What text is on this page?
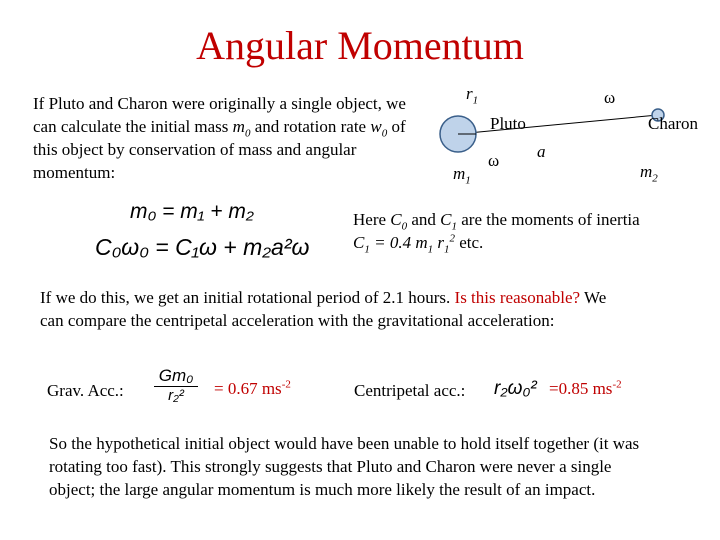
Angular Momentum
If Pluto and Charon were originally a single object, we can calculate the initial mass $m_0$ and rotation rate $w_0$ of this object by conservation of mass and angular momentum:
m₀ = m₁ + m₂
C₀ω₀ = C₁ω + m₂a²ω
$r_1$
Pluto
ω
ω
Charon
a
$m_1$	$m_2$
Here $C_0$ and $C_1$ are the moments of inertia
$C_1 = 0.4$ $m_1$ $r_1^2$ etc.
If we do this, we get an initial rotational period of 2.1 hours. Is this reasonable? We can compare the centripetal acceleration with the gravitational acceleration:
Grav. Acc.: $\frac{\text{Gm₀}}{\text{r₂²}} = 0.67$ $ms^{-2}$	Centripetal acc.: r₂ω₀² =0.85 $ms^{-2}$
So the hypothetical initial object would have been unable to hold itself together (it was rotating too fast). This strongly suggests that Pluto and Charon were never a single object; the large angular momentum is much more likely the result of an impact.
